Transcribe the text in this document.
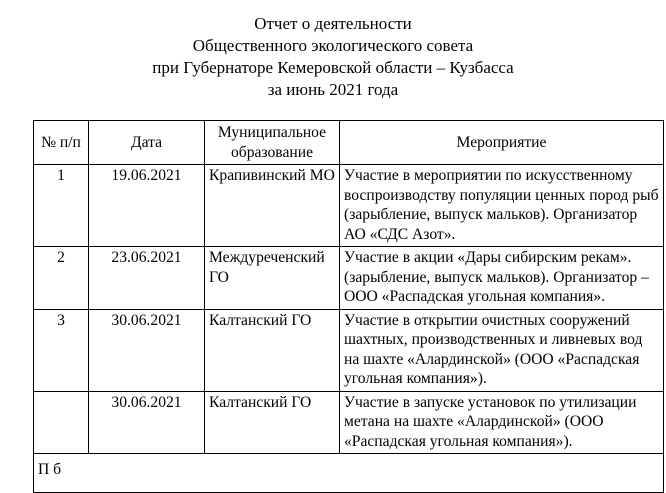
Отчет о деятельности
Общественного экологического совета
при Губернаторе Кемеровской области – Кузбасса
за июнь 2021 года
№ п/п	Дата	Муниципальное образование	Мероприятие
1	19.06.2021	Крапивинский МО	Участие в мероприятии по искусственному воспроизводству популяции ценных пород рыб (зарыбление, выпуск мальков). Организатор АО «СДС Азот».
2	23.06.2021	Междуреченский ГО	Участие в акции «Дары сибирским рекам». (зарыбление, выпуск мальков). Организатор – ООО «Распадская угольная компания».
3	30.06.2021	Калтанский ГО	Участие в открытии очистных сооружений шахтных, производственных и ливневых вод на шахте «Алардинской» (ООО «Распадская угольная компания»).
	30.06.2021	Калтанский ГО	Участие в запуске установок по утилизации метана на шахте «Алардинской» (ООО «Распадская угольная компания»).

П б			
